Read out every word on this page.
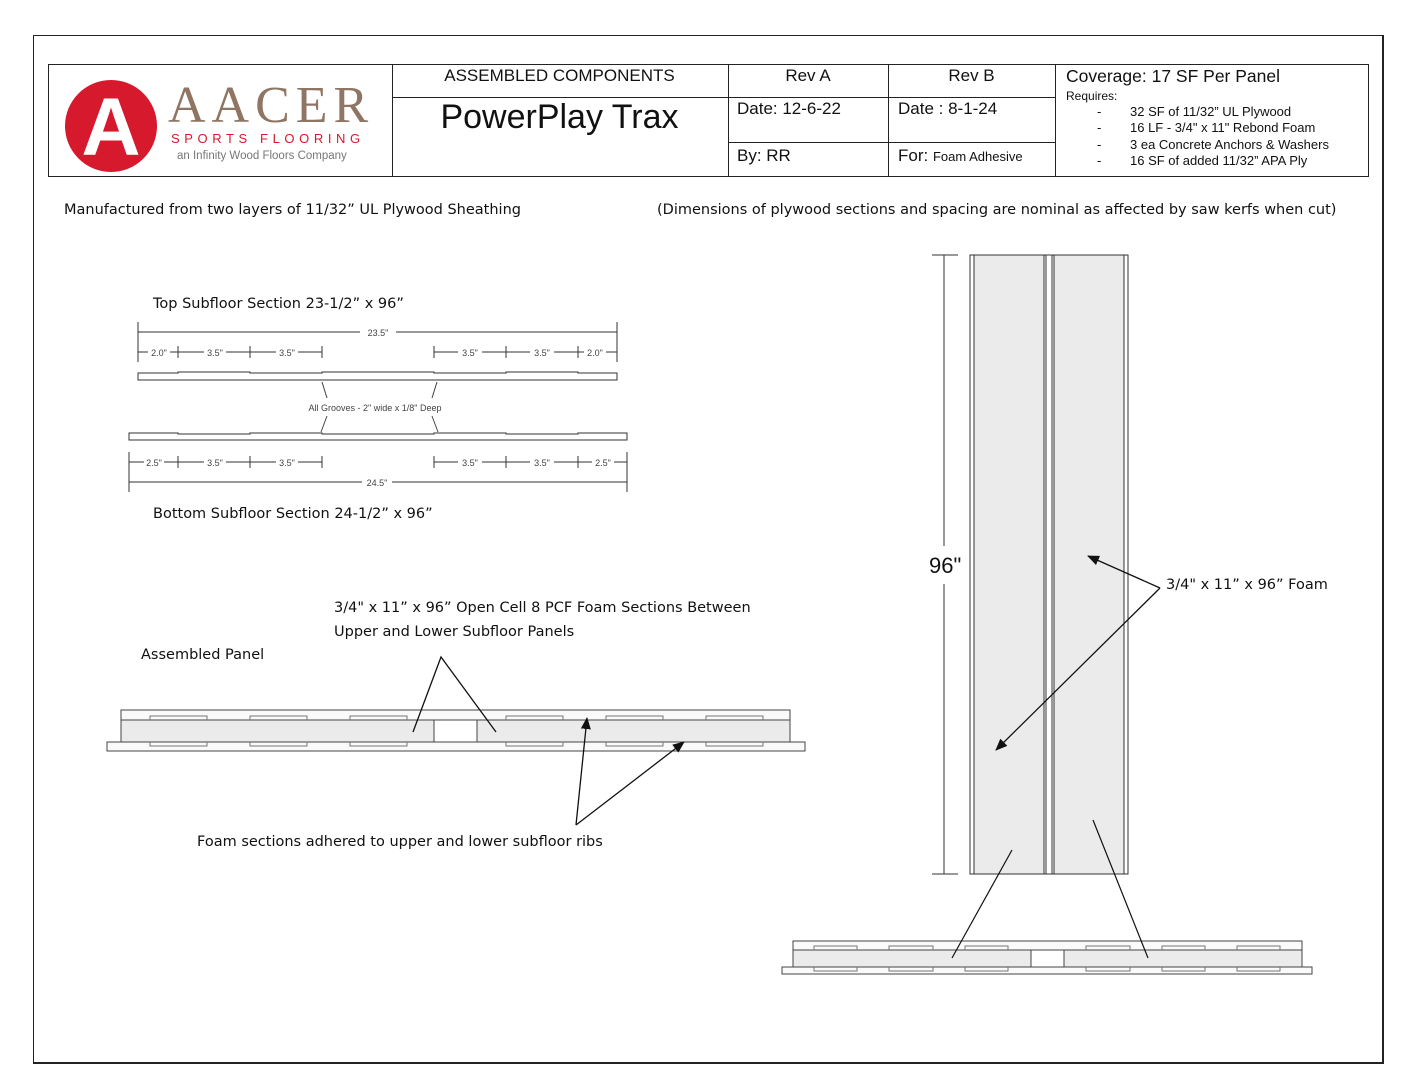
A AACER
SPORTS FLOORING
an Infinity Wood Floors Company
ASSEMBLED COMPONENTS
PowerPlay Trax
Rev A	Rev B
Date: 12-6-22	Date : 8-1-24
By: RR	For: Foam Adhesive
Coverage: 17 SF Per Panel
Requires:
- 32 SF of 11/32” UL Plywood
- 16 LF - 3/4" x 11" Rebond Foam
- 3 ea Concrete Anchors & Washers
- 16 SF of added 11/32” APA Ply
Manufactured from two layers of 11/32” UL Plywood Sheathing	(Dimensions of plywood sections and spacing are nominal as affected by saw kerfs when cut)
Top Subfloor Section 23-1/2” x 96”
Bottom Subfloor Section 24-1/2” x 96”
3/4" x 11” x 96” Open Cell 8 PCF Foam Sections Between
Upper and Lower Subfloor Panels
Assembled Panel
Foam sections adhered to upper and lower subfloor ribs
3/4" x 11” x 96” Foam
96"
23.5"
2.0"	3.5"	3.5"	3.5"	3.5"	2.0"
All Grooves - 2" wide x 1/8" Deep
2.5"	3.5"	3.5"	3.5"	3.5"	2.5"
24.5"
